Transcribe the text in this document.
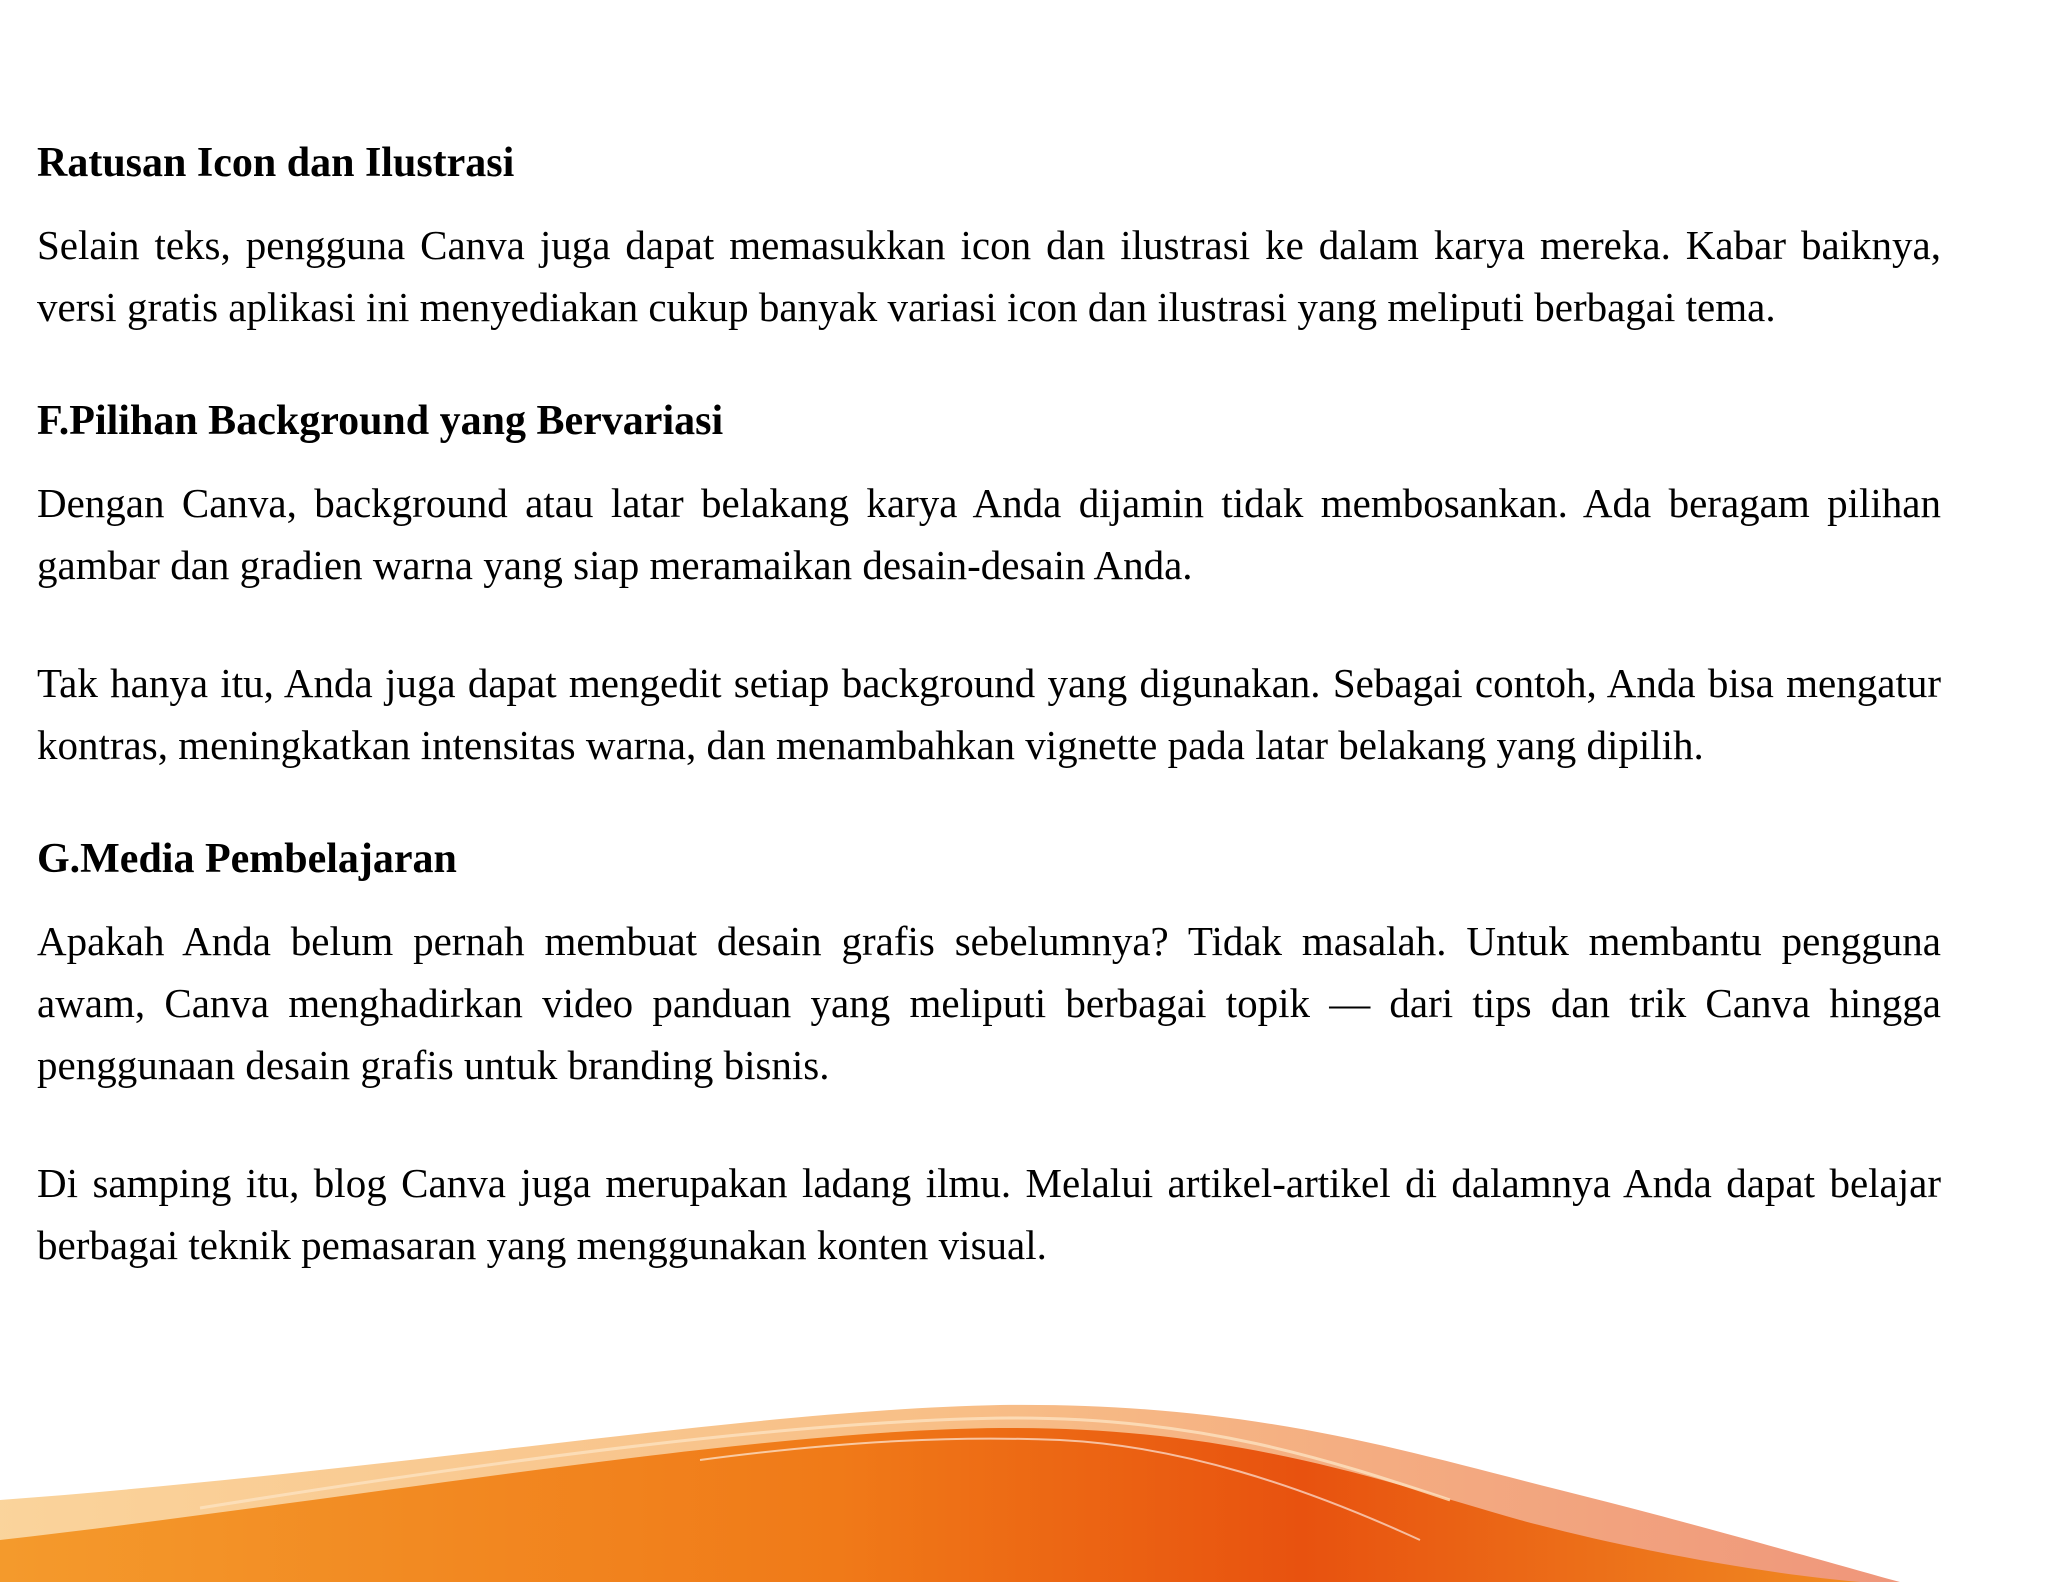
Ratusan Icon dan Ilustrasi

Selain teks, pengguna Canva juga dapat memasukkan icon dan ilustrasi ke dalam karya mereka. Kabar baiknya, versi gratis aplikasi ini menyediakan cukup banyak variasi icon dan ilustrasi yang meliputi berbagai tema.

F.Pilihan Background yang Bervariasi

Dengan Canva, background atau latar belakang karya Anda dijamin tidak membosankan. Ada beragam pilihan gambar dan gradien warna yang siap meramaikan desain-desain Anda.

Tak hanya itu, Anda juga dapat mengedit setiap background yang digunakan. Sebagai contoh, Anda bisa mengatur kontras, meningkatkan intensitas warna, dan menambahkan vignette pada latar belakang yang dipilih.

G.Media Pembelajaran

Apakah Anda belum pernah membuat desain grafis sebelumnya? Tidak masalah. Untuk membantu pengguna awam, Canva menghadirkan video panduan yang meliputi berbagai topik — dari tips dan trik Canva hingga penggunaan desain grafis untuk branding bisnis.

Di samping itu, blog Canva juga merupakan ladang ilmu. Melalui artikel-artikel di dalamnya Anda dapat belajar berbagai teknik pemasaran yang menggunakan konten visual.
